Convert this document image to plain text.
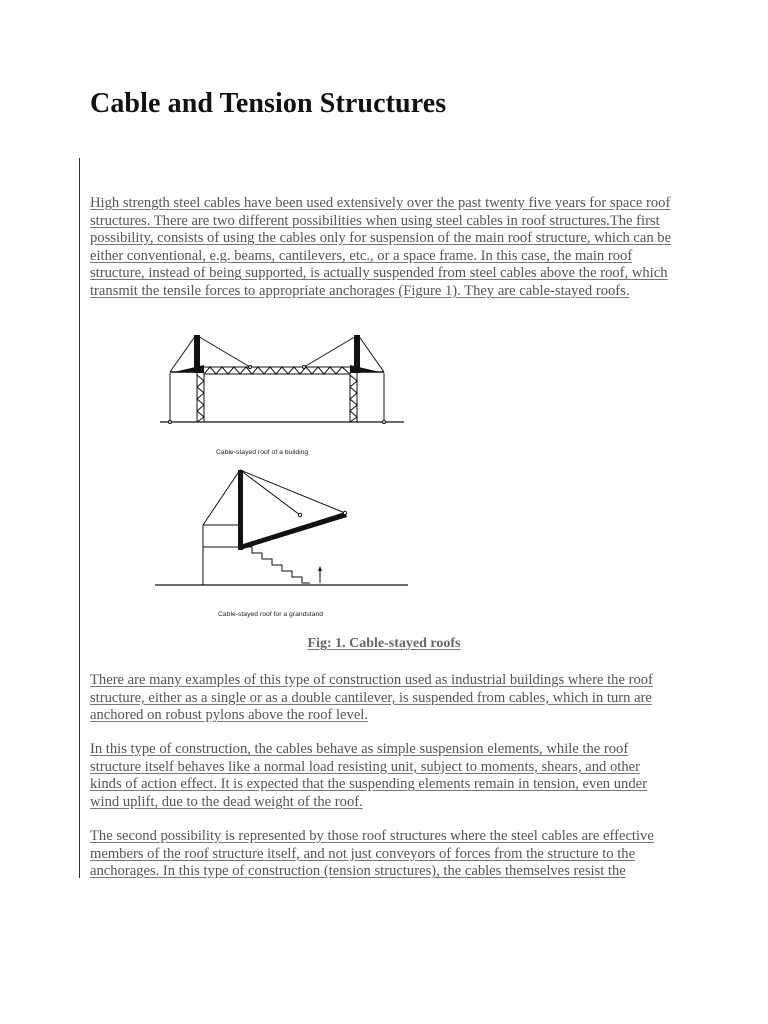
Cable and Tension Structures

High strength steel cables have been used extensively over the past twenty five years for space roof structures. There are two different possibilities when using steel cables in roof structures.The first possibility, consists of using the cables only for suspension of the main roof structure, which can be either conventional, e.g. beams, cantilevers, etc., or a space frame. In this case, the main roof structure, instead of being supported, is actually suspended from steel cables above the roof, which transmit the tensile forces to appropriate anchorages (Figure 1). They are cable-stayed roofs.

Cable-stayed roof of a building
Cable-stayed roof for a grandstand
Fig: 1. Cable-stayed roofs

There are many examples of this type of construction used as industrial buildings where the roof structure, either as a single or as a double cantilever, is suspended from cables, which in turn are anchored on robust pylons above the roof level.

In this type of construction, the cables behave as simple suspension elements, while the roof structure itself behaves like a normal load resisting unit, subject to moments, shears, and other kinds of action effect. It is expected that the suspending elements remain in tension, even under wind uplift, due to the dead weight of the roof.

The second possibility is represented by those roof structures where the steel cables are effective members of the roof structure itself, and not just conveyors of forces from the structure to the anchorages. In this type of construction (tension structures), the cables themselves resist the
